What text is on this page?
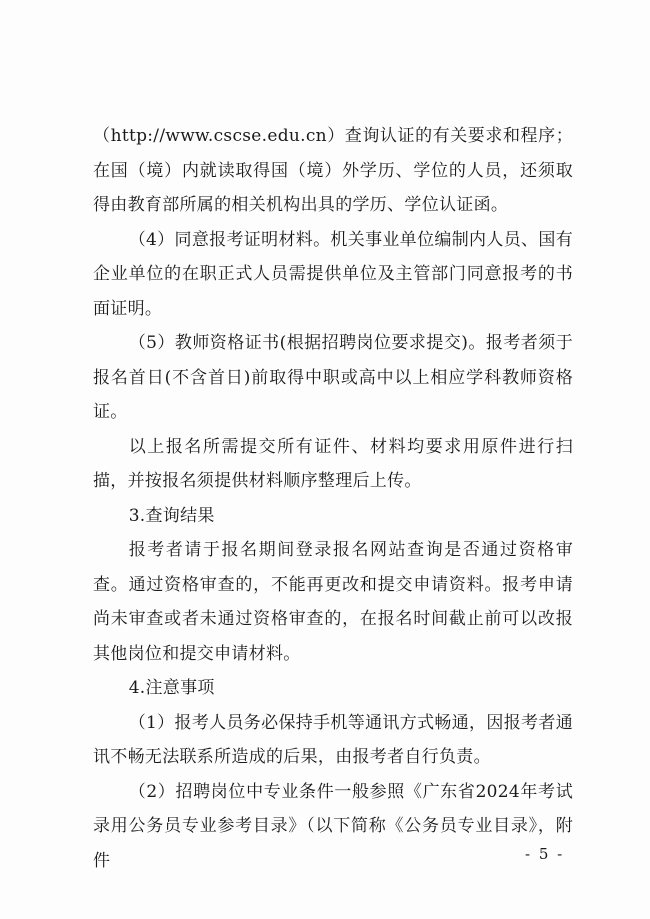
（http://www.cscse.edu.cn）查询认证的有关要求和程序；在国（境）内就读取得国（境）外学历、学位的人员，还须取得由教育部所属的相关机构出具的学历、学位认证函。

（4）同意报考证明材料。机关事业单位编制内人员、国有企业单位的在职正式人员需提供单位及主管部门同意报考的书面证明。

（5）教师资格证书(根据招聘岗位要求提交)。报考者须于报名首日(不含首日)前取得中职或高中以上相应学科教师资格证。

以上报名所需提交所有证件、材料均要求用原件进行扫描，并按报名须提供材料顺序整理后上传。

3.查询结果

报考者请于报名期间登录报名网站查询是否通过资格审查。通过资格审查的，不能再更改和提交申请资料。报考申请尚未审查或者未通过资格审查的，在报名时间截止前可以改报其他岗位和提交申请材料。

4.注意事项

（1）报考人员务必保持手机等通讯方式畅通，因报考者通讯不畅无法联系所造成的后果，由报考者自行负责。

（2）招聘岗位中专业条件一般参照《广东省2024年考试录用公务员专业参考目录》（以下简称《公务员专业目录》，附件	- 5 -
